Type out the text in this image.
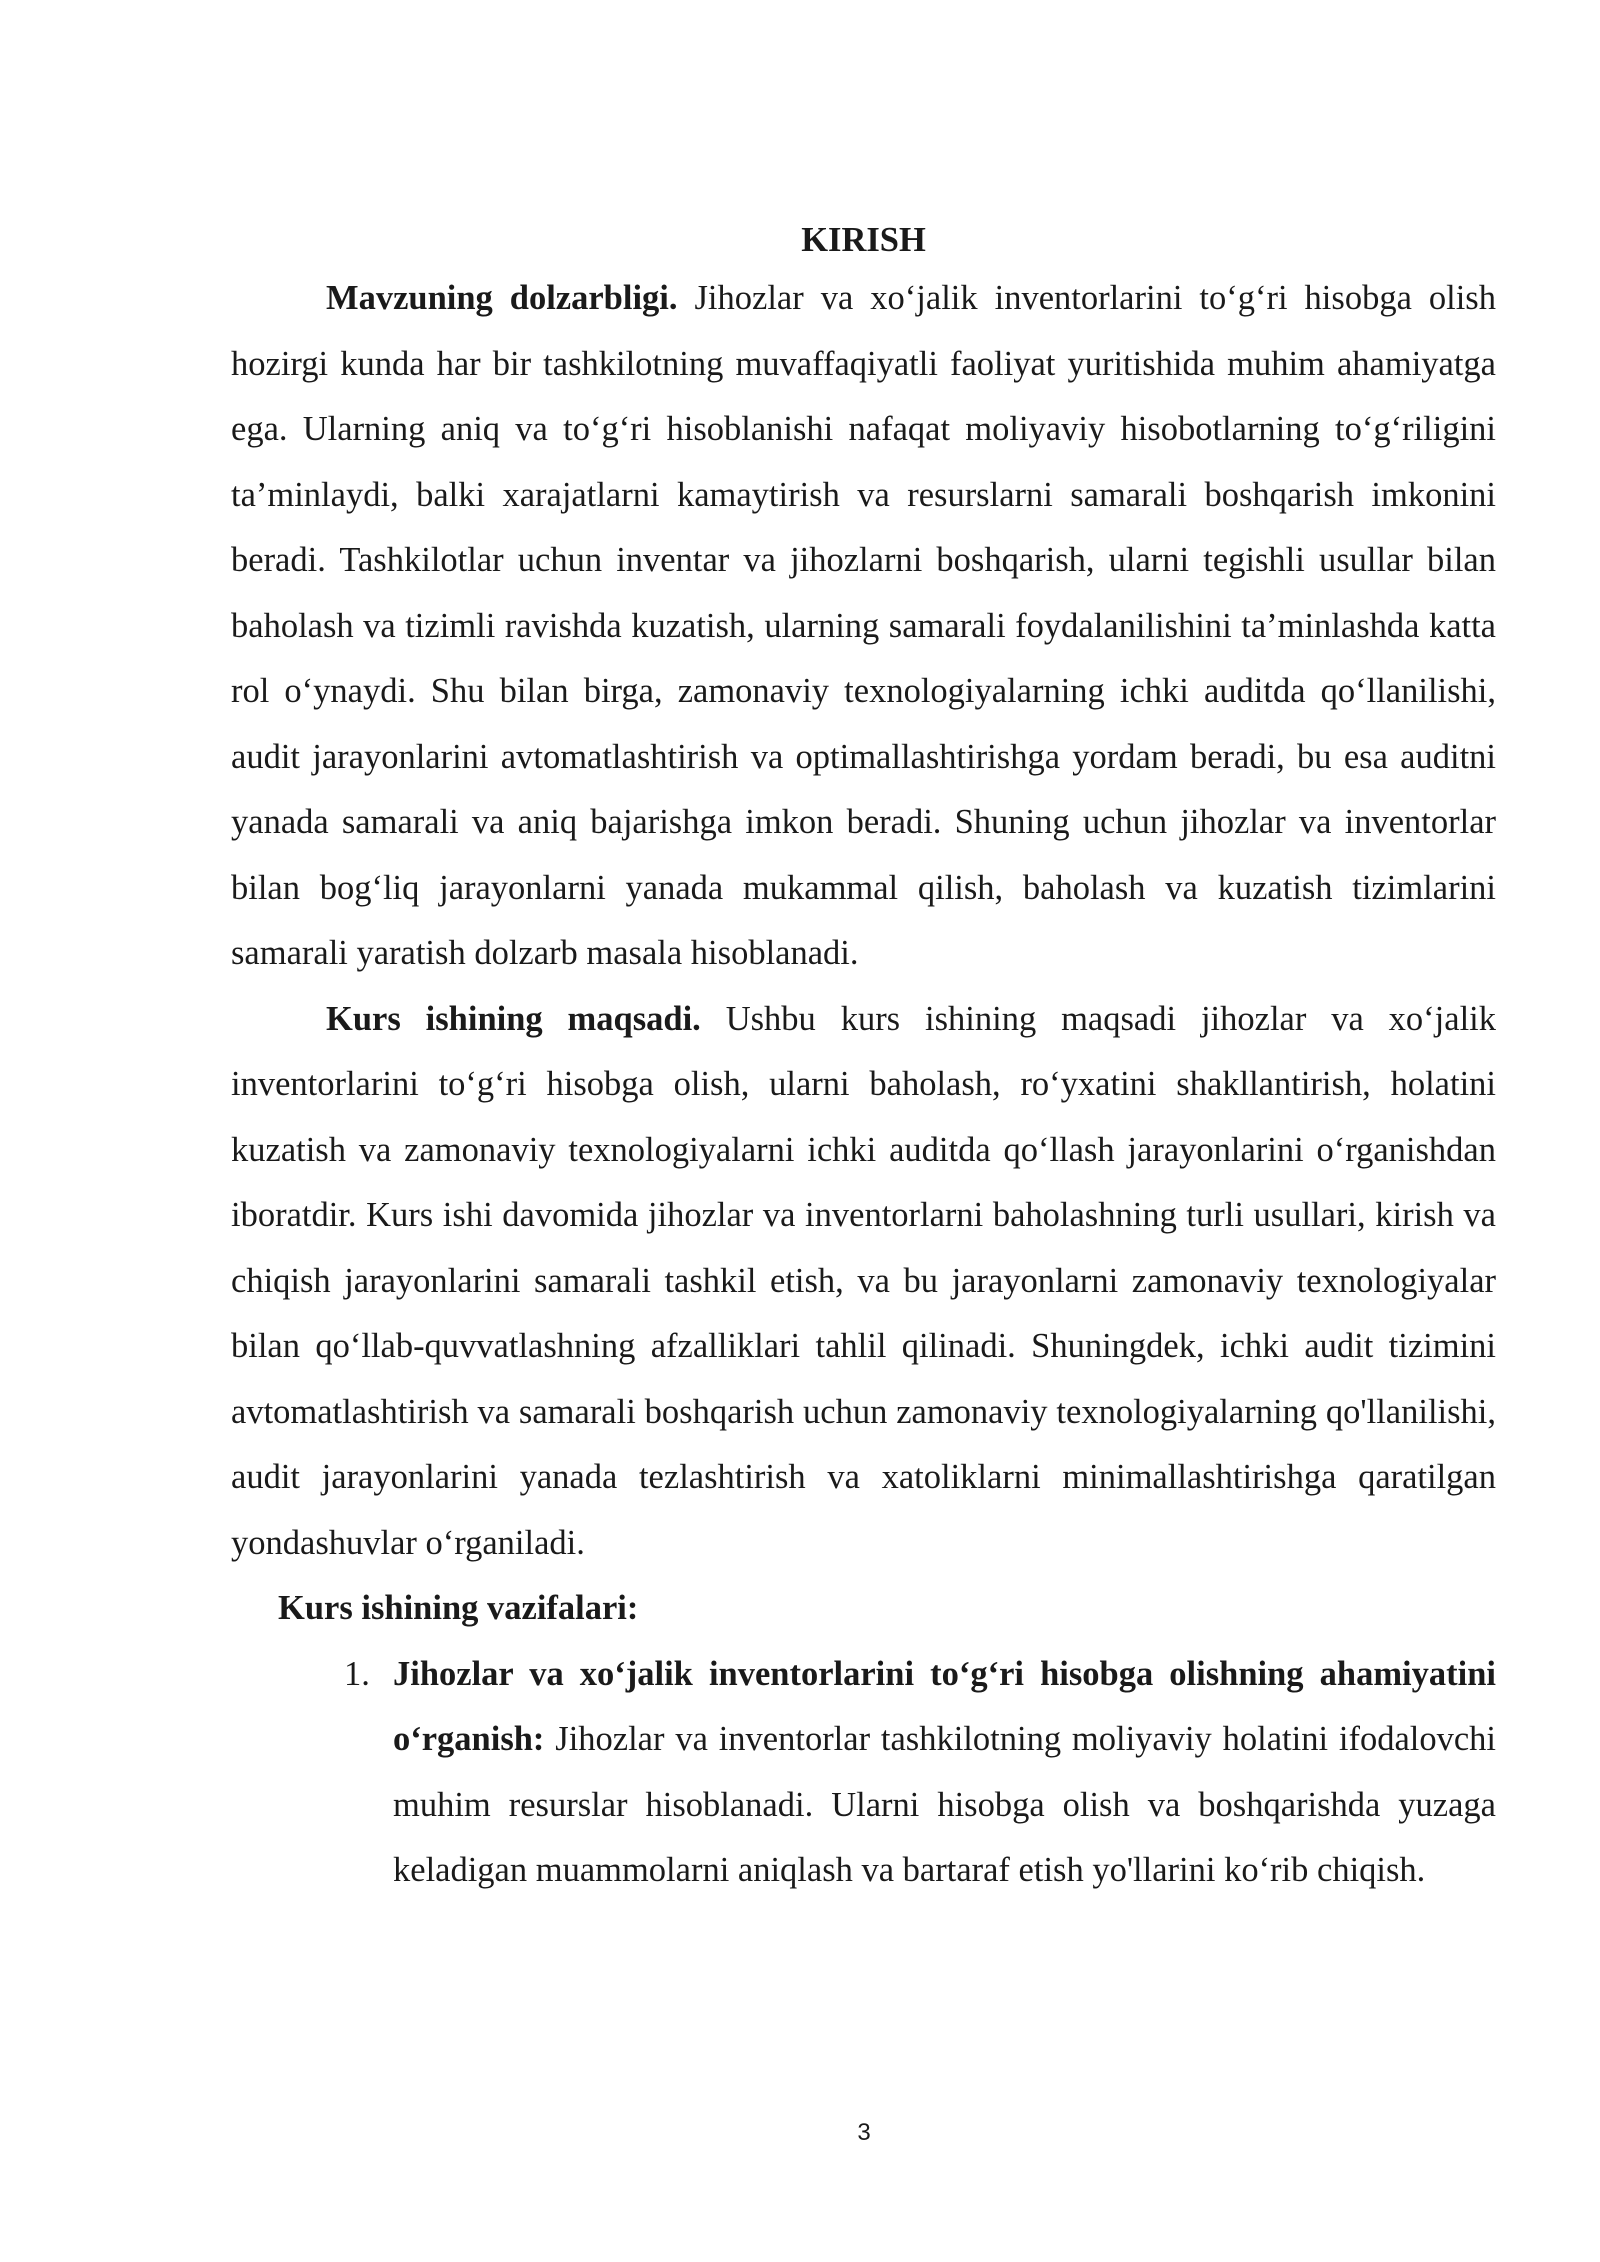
KIRISH

Mavzuning dolzarbligi. Jihozlar va xo‘jalik inventorlarini to‘g‘ri hisobga olish hozirgi kunda har bir tashkilotning muvaffaqiyatli faoliyat yuritishida muhim ahamiyatga ega. Ularning aniq va to‘g‘ri hisoblanishi nafaqat moliyaviy hisobotlarning to‘g‘riligini ta’minlaydi, balki xarajatlarni kamaytirish va resurslarni samarali boshqarish imkonini beradi. Tashkilotlar uchun inventar va jihozlarni boshqarish, ularni tegishli usullar bilan baholash va tizimli ravishda kuzatish, ularning samarali foydalanilishini ta’minlashda katta rol o‘ynaydi. Shu bilan birga, zamonaviy texnologiyalarning ichki auditda qo‘llanilishi, audit jarayonlarini avtomatlashtirish va optimallashtirishga yordam beradi, bu esa auditni yanada samarali va aniq bajarishga imkon beradi. Shuning uchun jihozlar va inventorlar bilan bog‘liq jarayonlarni yanada mukammal qilish, baholash va kuzatish tizimlarini samarali yaratish dolzarb masala hisoblanadi.

Kurs ishining maqsadi. Ushbu kurs ishining maqsadi jihozlar va xo‘jalik inventorlarini to‘g‘ri hisobga olish, ularni baholash, ro‘yxatini shakllantirish, holatini kuzatish va zamonaviy texnologiyalarni ichki auditda qo‘llash jarayonlarini o‘rganishdan iboratdir. Kurs ishi davomida jihozlar va inventorlarni baholashning turli usullari, kirish va chiqish jarayonlarini samarali tashkil etish, va bu jarayonlarni zamonaviy texnologiyalar bilan qo‘llab-quvvatlashning afzalliklari tahlil qilinadi. Shuningdek, ichki audit tizimini avtomatlashtirish va samarali boshqarish uchun zamonaviy texnologiyalarning qo'llanilishi, audit jarayonlarini yanada tezlashtirish va xatoliklarni minimallashtirishga qaratilgan yondashuvlar o‘rganiladi.

Kurs ishining vazifalari:

1. Jihozlar va xo‘jalik inventorlarini to‘g‘ri hisobga olishning ahamiyatini o‘rganish: Jihozlar va inventorlar tashkilotning moliyaviy holatini ifodalovchi muhim resurslar hisoblanadi. Ularni hisobga olish va boshqarishda yuzaga keladigan muammolarni aniqlash va bartaraf etish yo'llarini ko‘rib chiqish.
3
